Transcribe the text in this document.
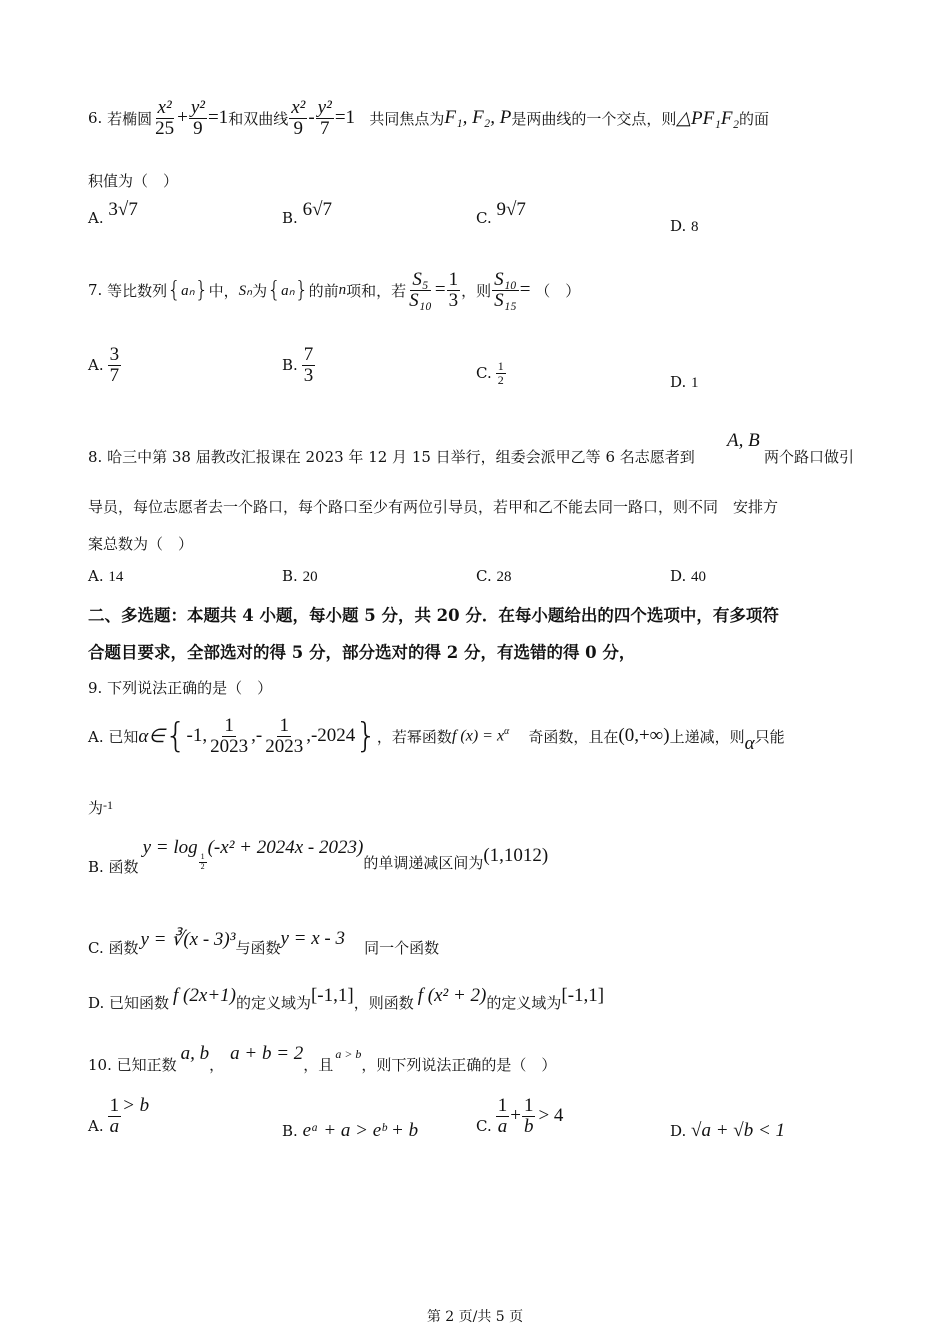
6.
若椭圆 $\frac{\text{x²}}{25} + \frac{\text{y²}}{9} =1$ 和双曲线 $\frac{\text{x²}}{9} - \frac{\text{y²}}{7} =1$
共同焦点为 F₁, F₂, P 是两曲线的一个交点，则 △PF₁F₂ 的面
积值为（　）
A. 3√7	B. 6√7	C. 9√7
D. 8
7.
等比数列 { aₙ } 中， Sₙ 为 { aₙ } 的前 n 项和，若 $\frac{\text{S₅}}{\text{S₁₀}} = \frac{1}{3}$ ，则 $\frac{\text{S₁₀}}{\text{S₁₅}}$ =
（　）
A. $\frac{3}{7}$	B. $\frac{7}{3}$	C. $\frac{1}{2}$	D. 1
8. 哈三中第 38 届教改汇报课在 2023 年 12 月 15 日举行，组委会派甲乙等 6 名志愿者到
A, B
两个路口做引
导员，每位志愿者去一个路口，每个路口至少有两位引导员，若甲和乙不能去同一路口，则不同　安排方
案总数为（　）
A. 14	B. 20	C. 28	D. 40
二、多选题：本题共 4 小题，每小题 5 分，共 20 分．在每小题给出的四个选项中，有多项符
合题目要求，全部选对的得 5 分，部分选对的得 2 分，有选错的得 0 分，
9. 下列说法正确的是（　）
A. 已知 α∈ { -1, $\frac{1}{2023}$ ,- $\frac{1}{2023} ,-2024$ } ，若幂函数 f $(x) = x^\alpha$
奇函数，且在 (0,+∞) 上递减，则 α 只能
为$^{-1}$
B. 函数
y = log
$\frac{1}{2}$
(-x² + 2024x - 2023)
的单调递减区间为 (1,1012)
C. 函数 y = ∛(x - 3)³ 与函数 y = x - 3
同一个函数
D. 已知函数 f (2x+1) 的定义域为 [-1,1] ，则函数 f (x² + 2) 的定义域为 [-1,1]
10. 已知正数
a, b
，
a + b = 2
，且
a > b
，则下列说法正确的是（　）
A. $\frac{1}{a} > b$
B. eᵃ + a > eᵇ + b	C. $\frac{1}{a} + \frac{1}{b} > 4$
D. √a + √b < 1
第 2 页/共 5 页
